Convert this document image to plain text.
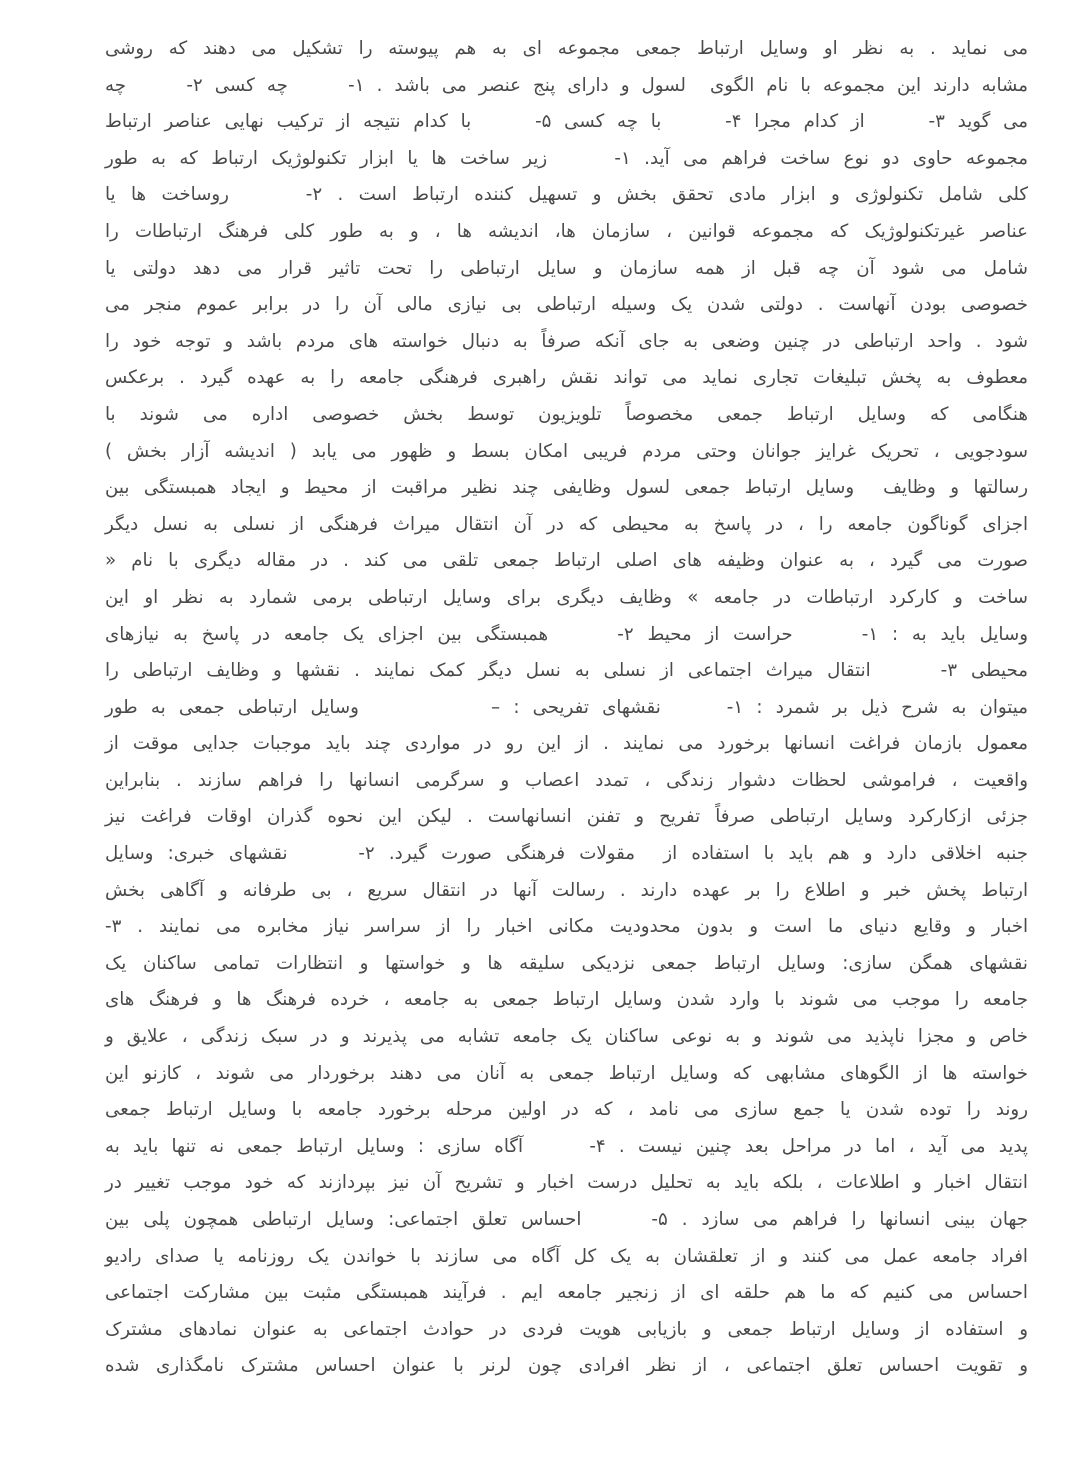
می نماید . به نظر او وسایل ارتباط جمعی مجموعه ای به هم پیوسته را تشکیل می دهند که روشی
مشابه دارند این مجموعه با نام الگوی  لسول و دارای پنج عنصر می باشد . ۱-     چه کسی ۲-     چه
می گوید ۳-     از کدام مجرا ۴-     با چه کسی ۵-     با کدام نتیجه از ترکیب نهایی عناصر ارتباط
مجموعه حاوی دو نوع ساخت فراهم می آید. ۱-     زیر ساخت ها یا ابزار تکنولوژیک ارتباط که به طور
کلی شامل تکنولوژی و ابزار مادی تحقق بخش و تسهیل کننده ارتباط است . ۲-     روساخت ها یا
عناصر غیرتکنولوژیک که مجموعه قوانین ، سازمان ها، اندیشه ها ، و به طور کلی فرهنگ ارتباطات را
شامل می شود آن چه قبل از همه سازمان و سایل ارتباطی را تحت تاثیر قرار می دهد دولتی یا
خصوصی بودن آنهاست . دولتی شدن یک وسیله ارتباطی بی نیازی مالی آن را در برابر عموم منجر می
شود . واحد ارتباطی در چنین وضعی به جای آنکه صرفاً به دنبال خواسته های مردم باشد و توجه خود را
معطوف به پخش تبلیغات تجاری نماید می تواند نقش راهبری فرهنگی جامعه را به عهده گیرد . برعکس
هنگامی که وسایل ارتباط جمعی مخصوصاً تلویزیون توسط بخش خصوصی اداره می شوند با
سودجویی ، تحریک غرایز جوانان وحتی مردم فریبی امکان بسط و ظهور می یابد ( اندیشه آزار بخش )
رسالتها و وظایف  وسایل ارتباط جمعی لسول وظایفی چند نظیر مراقبت از محیط و ایجاد همبستگی بین
اجزای گوناگون جامعه را ، در پاسخ به محیطی که در آن انتقال میراث فرهنگی از نسلی به نسل دیگر
صورت می گیرد ، به عنوان وظیفه های اصلی ارتباط جمعی تلقی می کند . در مقاله دیگری با نام «
ساخت و کارکرد ارتباطات در جامعه » وظایف دیگری برای وسایل ارتباطی برمی شمارد به نظر او این
وسایل باید به : ۱-     حراست از محیط ۲-     همبستگی بین اجزای یک جامعه در پاسخ به نیازهای
محیطی ۳-     انتقال میراث اجتماعی از نسلی به نسل دیگر کمک نمایند . نقشها و وظایف ارتباطی را
میتوان به شرح ذیل بر شمرد : ۱-     نقشهای تفریحی : –          وسایل ارتباطی جمعی به طور
معمول بازمان فراغت انسانها برخورد می نمایند . از این رو در مواردی چند باید موجبات جدایی موقت از
واقعیت ، فراموشی لحظات دشوار زندگی ، تمدد اعصاب و سرگرمی انسانها را فراهم سازند . بنابراین
جزئی ازکارکرد وسایل ارتباطی صرفاً تفریح و تفنن انسانهاست . لیکن این نحوه گذران اوقات فراغت نیز
جنبه اخلاقی دارد و هم باید با استفاده از  مقولات فرهنگی صورت گیرد. ۲-     نقشهای خبری: وسایل
ارتباط پخش خبر و اطلاع را بر عهده دارند . رسالت آنها در انتقال سریع ، بی طرفانه و آگاهی بخش
اخبار و وقایع دنیای ما است و بدون محدودیت مکانی اخبار را از سراسر نیاز مخابره می نمایند . ۳-
نقشهای همگن سازی: وسایل ارتباط جمعی نزدیکی سلیقه ها و خواستها و انتظارات تمامی ساکنان یک
جامعه را موجب می شوند با وارد شدن وسایل ارتباط جمعی به جامعه ، خرده فرهنگ ها و فرهنگ های
خاص و مجزا ناپذید می شوند و به نوعی ساکنان یک جامعه تشابه می پذیرند و در سبک زندگی ، علایق و
خواسته ها از الگوهای مشابهی که وسایل ارتباط جمعی به آنان می دهند برخوردار می شوند ، کازنو این
روند را توده شدن یا جمع سازی می نامد ، که در اولین مرحله برخورد جامعه با وسایل ارتباط جمعی
پدید می آید ، اما در مراحل بعد چنین نیست . ۴-     آگاه سازی : وسایل ارتباط جمعی نه تنها باید به
انتقال اخبار و اطلاعات ، بلکه باید به تحلیل درست اخبار و تشریح آن نیز بپردازند که خود موجب تغییر در
جهان بینی انسانها را فراهم می سازد . ۵-     احساس تعلق اجتماعی: وسایل ارتباطی همچون پلی بین
افراد جامعه عمل می کنند و از تعلقشان به یک کل آگاه می سازند با خواندن یک روزنامه یا صدای رادیو
احساس می کنیم که ما هم حلقه ای از زنجیر جامعه ایم . فرآیند همبستگی مثبت بین مشارکت اجتماعی
و استفاده از وسایل ارتباط جمعی و بازیابی هویت فردی در حوادث اجتماعی به عنوان نمادهای مشترک
و تقویت احساس تعلق اجتماعی ، از نظر افرادی چون لرنر با عنوان احساس مشترک نامگذاری شده
